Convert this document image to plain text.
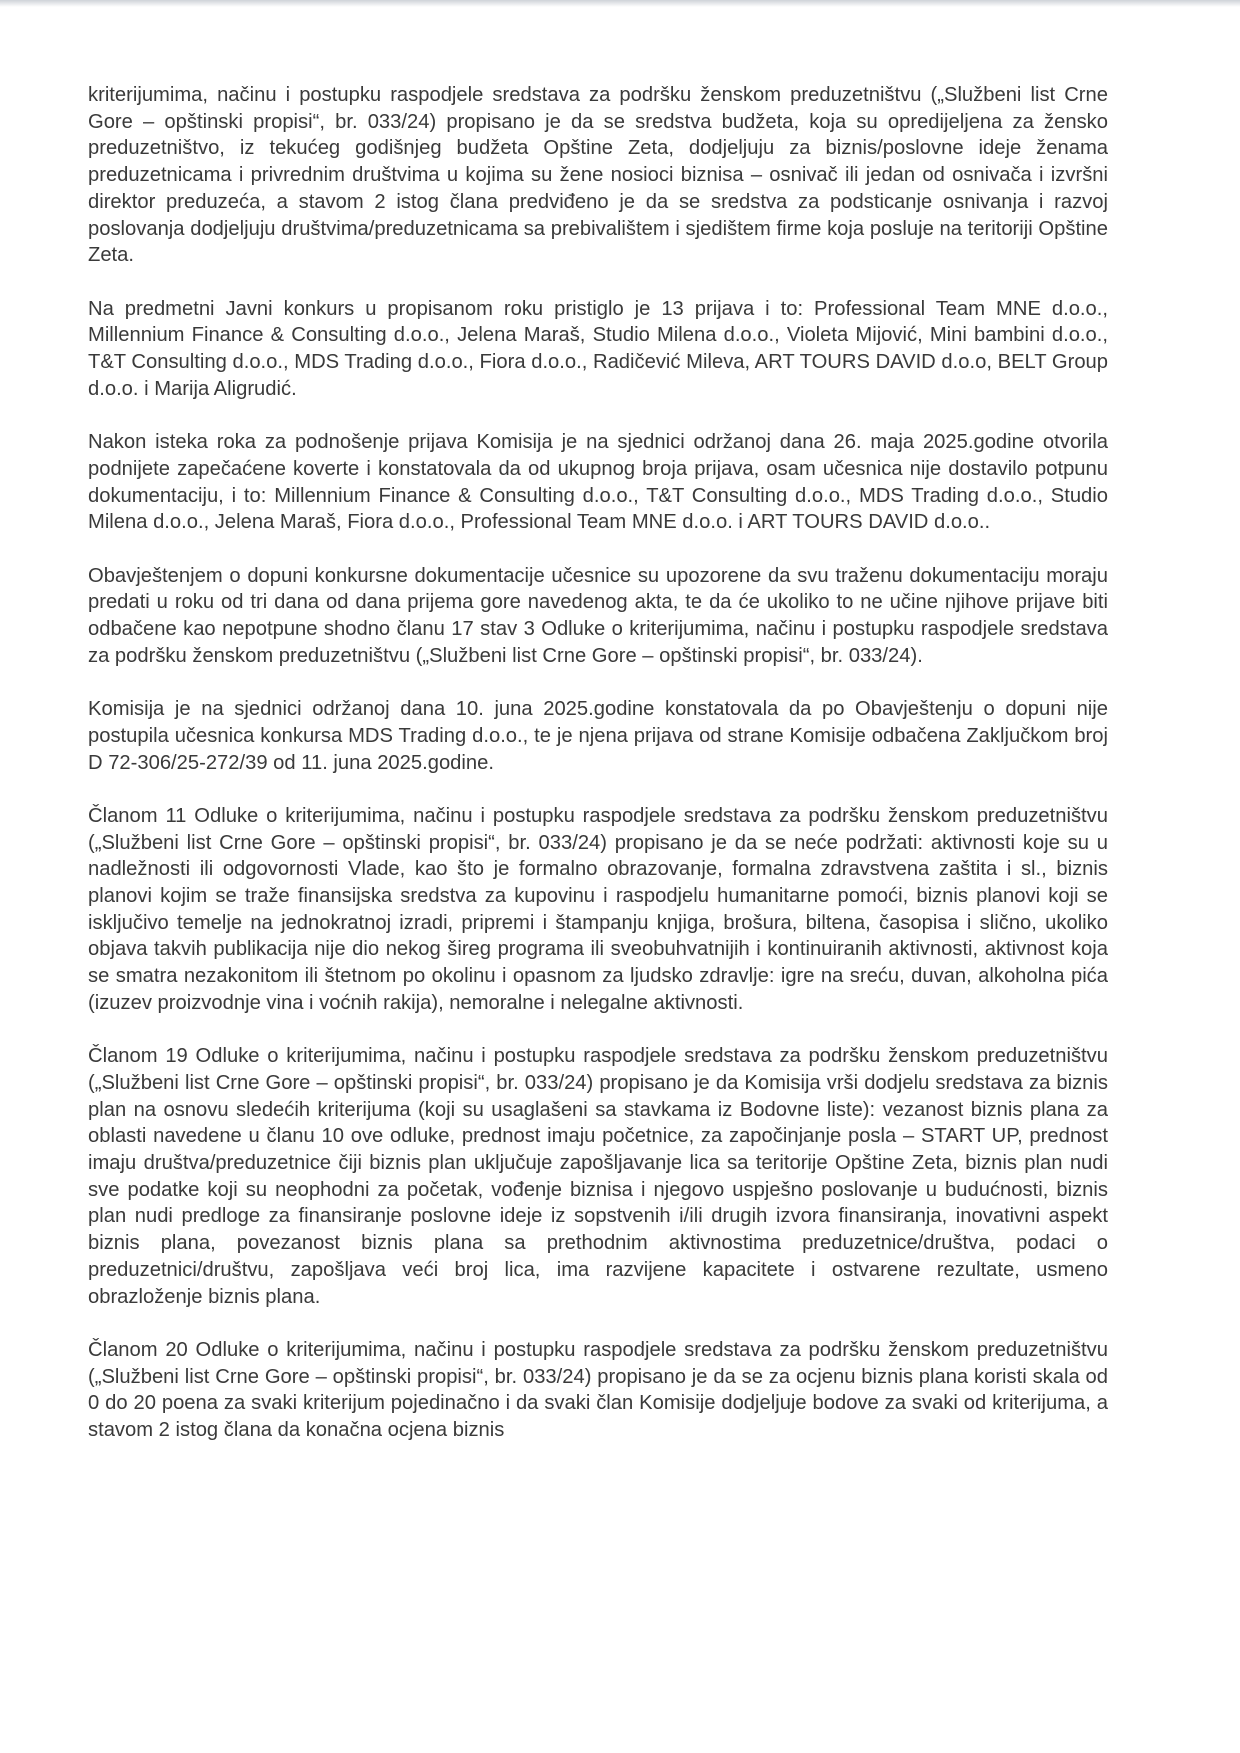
kriterijumima, načinu i postupku raspodjele sredstava za podršku ženskom preduzetništvu („Službeni list Crne Gore – opštinski propisi“, br. 033/24) propisano je da se sredstva budžeta, koja su opredijeljena za žensko preduzetništvo, iz tekućeg godišnjeg budžeta Opštine Zeta, dodjeljuju za biznis/poslovne ideje ženama preduzetnicama i privrednim društvima u kojima su žene nosioci biznisa – osnivač ili jedan od osnivača i izvršni direktor preduzeća, a stavom 2 istog člana predviđeno je da se sredstva za podsticanje osnivanja i razvoj poslovanja dodjeljuju društvima/preduzetnicama sa prebivalištem i sjedištem firme koja posluje na teritoriji Opštine Zeta.

Na predmetni Javni konkurs u propisanom roku pristiglo je 13 prijava i to: Professional Team MNE d.o.o., Millennium Finance & Consulting d.o.o., Jelena Maraš, Studio Milena d.o.o., Violeta Mijović, Mini bambini d.o.o., T&T Consulting d.o.o., MDS Trading d.o.o., Fiora d.o.o., Radičević Mileva, ART TOURS DAVID d.o.o, BELT Group d.o.o. i Marija Aligrudić.

Nakon isteka roka za podnošenje prijava Komisija je na sjednici održanoj dana 26. maja 2025.godine otvorila podnijete zapečaćene koverte i konstatovala da od ukupnog broja prijava, osam učesnica nije dostavilo potpunu dokumentaciju, i to: Millennium Finance & Consulting d.o.o., T&T Consulting d.o.o., MDS Trading d.o.o., Studio Milena d.o.o., Jelena Maraš, Fiora d.o.o., Professional Team MNE d.o.o. i ART TOURS DAVID d.o.o..

Obavještenjem o dopuni konkursne dokumentacije učesnice su upozorene da svu traženu dokumentaciju moraju predati u roku od tri dana od dana prijema gore navedenog akta, te da će ukoliko to ne učine njihove prijave biti odbačene kao nepotpune shodno članu 17 stav 3 Odluke o kriterijumima, načinu i postupku raspodjele sredstava za podršku ženskom preduzetništvu („Službeni list Crne Gore – opštinski propisi“, br. 033/24).

Komisija je na sjednici održanoj dana 10. juna 2025.godine konstatovala da po Obavještenju o dopuni nije postupila učesnica konkursa MDS Trading d.o.o., te je njena prijava od strane Komisije odbačena Zaključkom broj D 72-306/25-272/39 od 11. juna 2025.godine.

Članom 11 Odluke o kriterijumima, načinu i postupku raspodjele sredstava za podršku ženskom preduzetništvu („Službeni list Crne Gore – opštinski propisi“, br. 033/24) propisano je da se neće podržati: aktivnosti koje su u nadležnosti ili odgovornosti Vlade, kao što je formalno obrazovanje, formalna zdravstvena zaštita i sl., biznis planovi kojim se traže finansijska sredstva za kupovinu i raspodjelu humanitarne pomoći, biznis planovi koji se isključivo temelje na jednokratnoj izradi, pripremi i štampanju knjiga, brošura, biltena, časopisa i slično, ukoliko objava takvih publikacija nije dio nekog šireg programa ili sveobuhvatnijih i kontinuiranih aktivnosti, aktivnost koja se smatra nezakonitom ili štetnom po okolinu i opasnom za ljudsko zdravlje: igre na sreću, duvan, alkoholna pića (izuzev proizvodnje vina i voćnih rakija), nemoralne i nelegalne aktivnosti.

Članom 19 Odluke o kriterijumima, načinu i postupku raspodjele sredstava za podršku ženskom preduzetništvu („Službeni list Crne Gore – opštinski propisi“, br. 033/24) propisano je da Komisija vrši dodjelu sredstava za biznis plan na osnovu sledećih kriterijuma (koji su usaglašeni sa stavkama iz Bodovne liste): vezanost biznis plana za oblasti navedene u članu 10 ove odluke, prednost imaju početnice, za započinjanje posla – START UP, prednost imaju društva/preduzetnice čiji biznis plan uključuje zapošljavanje lica sa teritorije Opštine Zeta, biznis plan nudi sve podatke koji su neophodni za početak, vođenje biznisa i njegovo uspješno poslovanje u budućnosti, biznis plan nudi predloge za finansiranje poslovne ideje iz sopstvenih i/ili drugih izvora finansiranja, inovativni aspekt biznis plana, povezanost biznis plana sa prethodnim aktivnostima preduzetnice/društva, podaci o preduzetnici/društvu, zapošljava veći broj lica, ima razvijene kapacitete i ostvarene rezultate, usmeno obrazloženje biznis plana.

Članom 20 Odluke o kriterijumima, načinu i postupku raspodjele sredstava za podršku ženskom preduzetništvu („Službeni list Crne Gore – opštinski propisi“, br. 033/24) propisano je da se za ocjenu biznis plana koristi skala od 0 do 20 poena za svaki kriterijum pojedinačno i da svaki član Komisije dodjeljuje bodove za svaki od kriterijuma, a stavom 2 istog člana da konačna ocjena biznis
